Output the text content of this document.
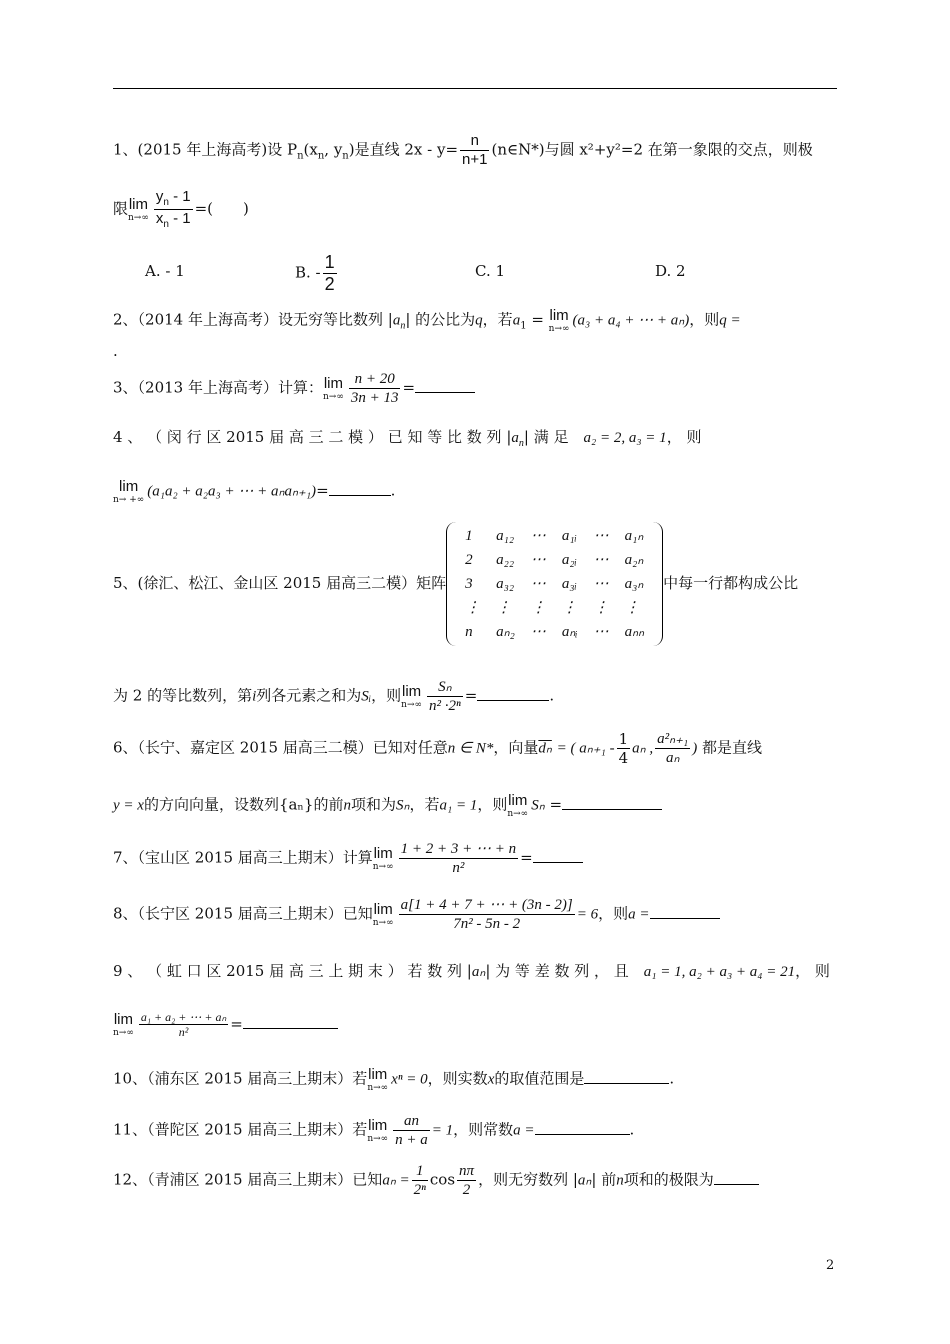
1、(2015 年上海高考)设 $P_n(x_n$, $y_n$)是直线 $2x - y= \frac{n}{n+1}$ (n∈N*)与圆 x²+y²=2 在第一象限的交点，则极
限 lim
$n\to\infty \frac{y_n - 1}{x_n - 1}$ =(　　)
A. - 1	B. - $\frac{1}{2}$	C. 1	D. 2
2、（2014 年上海高考）设无穷等比数列 $|a_n|$ 的公比为q，若$a_1 = \lim$
n→∞
(a₃ + a₄ + ⋯ + aₙ)，则q =
.
3、（2013 年上海高考）计算： lim
$n\to\infty \frac{n + 20}{3n + 13}$ =
4 、 （ 闵 行 区 2015 届 高 三 二 模 ） 已 知 等 比 数 列 $|a_n|$ 满 足　 a₂ = 2, a₃ = 1， 则
lim
n→ +∞
(a₁a₂ + a₂a₃ + ⋯ + aₙaₙ₊₁)=	.
5、(徐汇、松江、金山区 2015 届高三二模）矩阵
1	a₁₂	⋯	a₁ᵢ	⋯	a₁ₙ
2	a₂₂	⋯	a₂ᵢ	⋯	a₂ₙ
3	a₃₂	⋯	a₃ᵢ	⋯	a₃ₙ
⋮	⋮	⋮	⋮	⋮	⋮
n	aₙ₂	⋯	aₙᵢ	⋯	aₙₙ
中每一行都构成公比
为 2 的等比数列，第i列各元素之和为Sᵢ，则 lim
$n\to\infty \frac{\text{Sₙ}}{\text{n² ·2ⁿ}}$ =	.
6、（长宁、嘉定区 2015 届高三二模）已知对任意n ∈ N*，向量$\overline{d_n}$ = ( $a_{n+1} - \frac{1}{4}$ aₙ , $\frac{\text{a²ₙ₊₁}}{\text{aₙ}}$ ) 都是直线
y = x的方向向量，设数列{aₙ}的前n项和为Sₙ，若a₁ = 1，则 lim
n→∞
Sₙ =
7、（宝山区 2015 届高三上期末）计算 lim
$n\to\infty \frac{1 + 2 + 3 + \cdots + n}{\text{n²}}$ =
8、（长宁区 2015 届高三上期末）已知 lim
$n\to\infty \frac{a[1 + 4 + 7 + \cdots + (3n - 2)]}{\text{7n² - 5n - 2}} = 6$，则a =
9 、 （ 虹 口 区 2015 届 高 三 上 期 末 ） 若 数 列 |aₙ| 为 等 差 数 列 ， 且　 a₁ = 1, a₂ + a₃ + a₄ = 21， 则
lim
$n\to\infty \frac{\text{a₁ + a₂ + ⋯ + aₙ}}{\text{n²}}$ =
10、（浦东区 2015 届高三上期末）若 lim
n→∞
xⁿ = 0，则实数x的取值范围是	.
11、（普陀区 2015 届高三上期末）若 lim
$n\to\infty \frac{an}{n + a} = 1$，则常数a =	.
12、（青浦区 2015 届高三上期末）已知$a_n = \frac{1}{\text{2ⁿ}}$ $\cos \frac{n\pi}{2}$ ，则无穷数列 |aₙ| 前n项和的极限为
2
